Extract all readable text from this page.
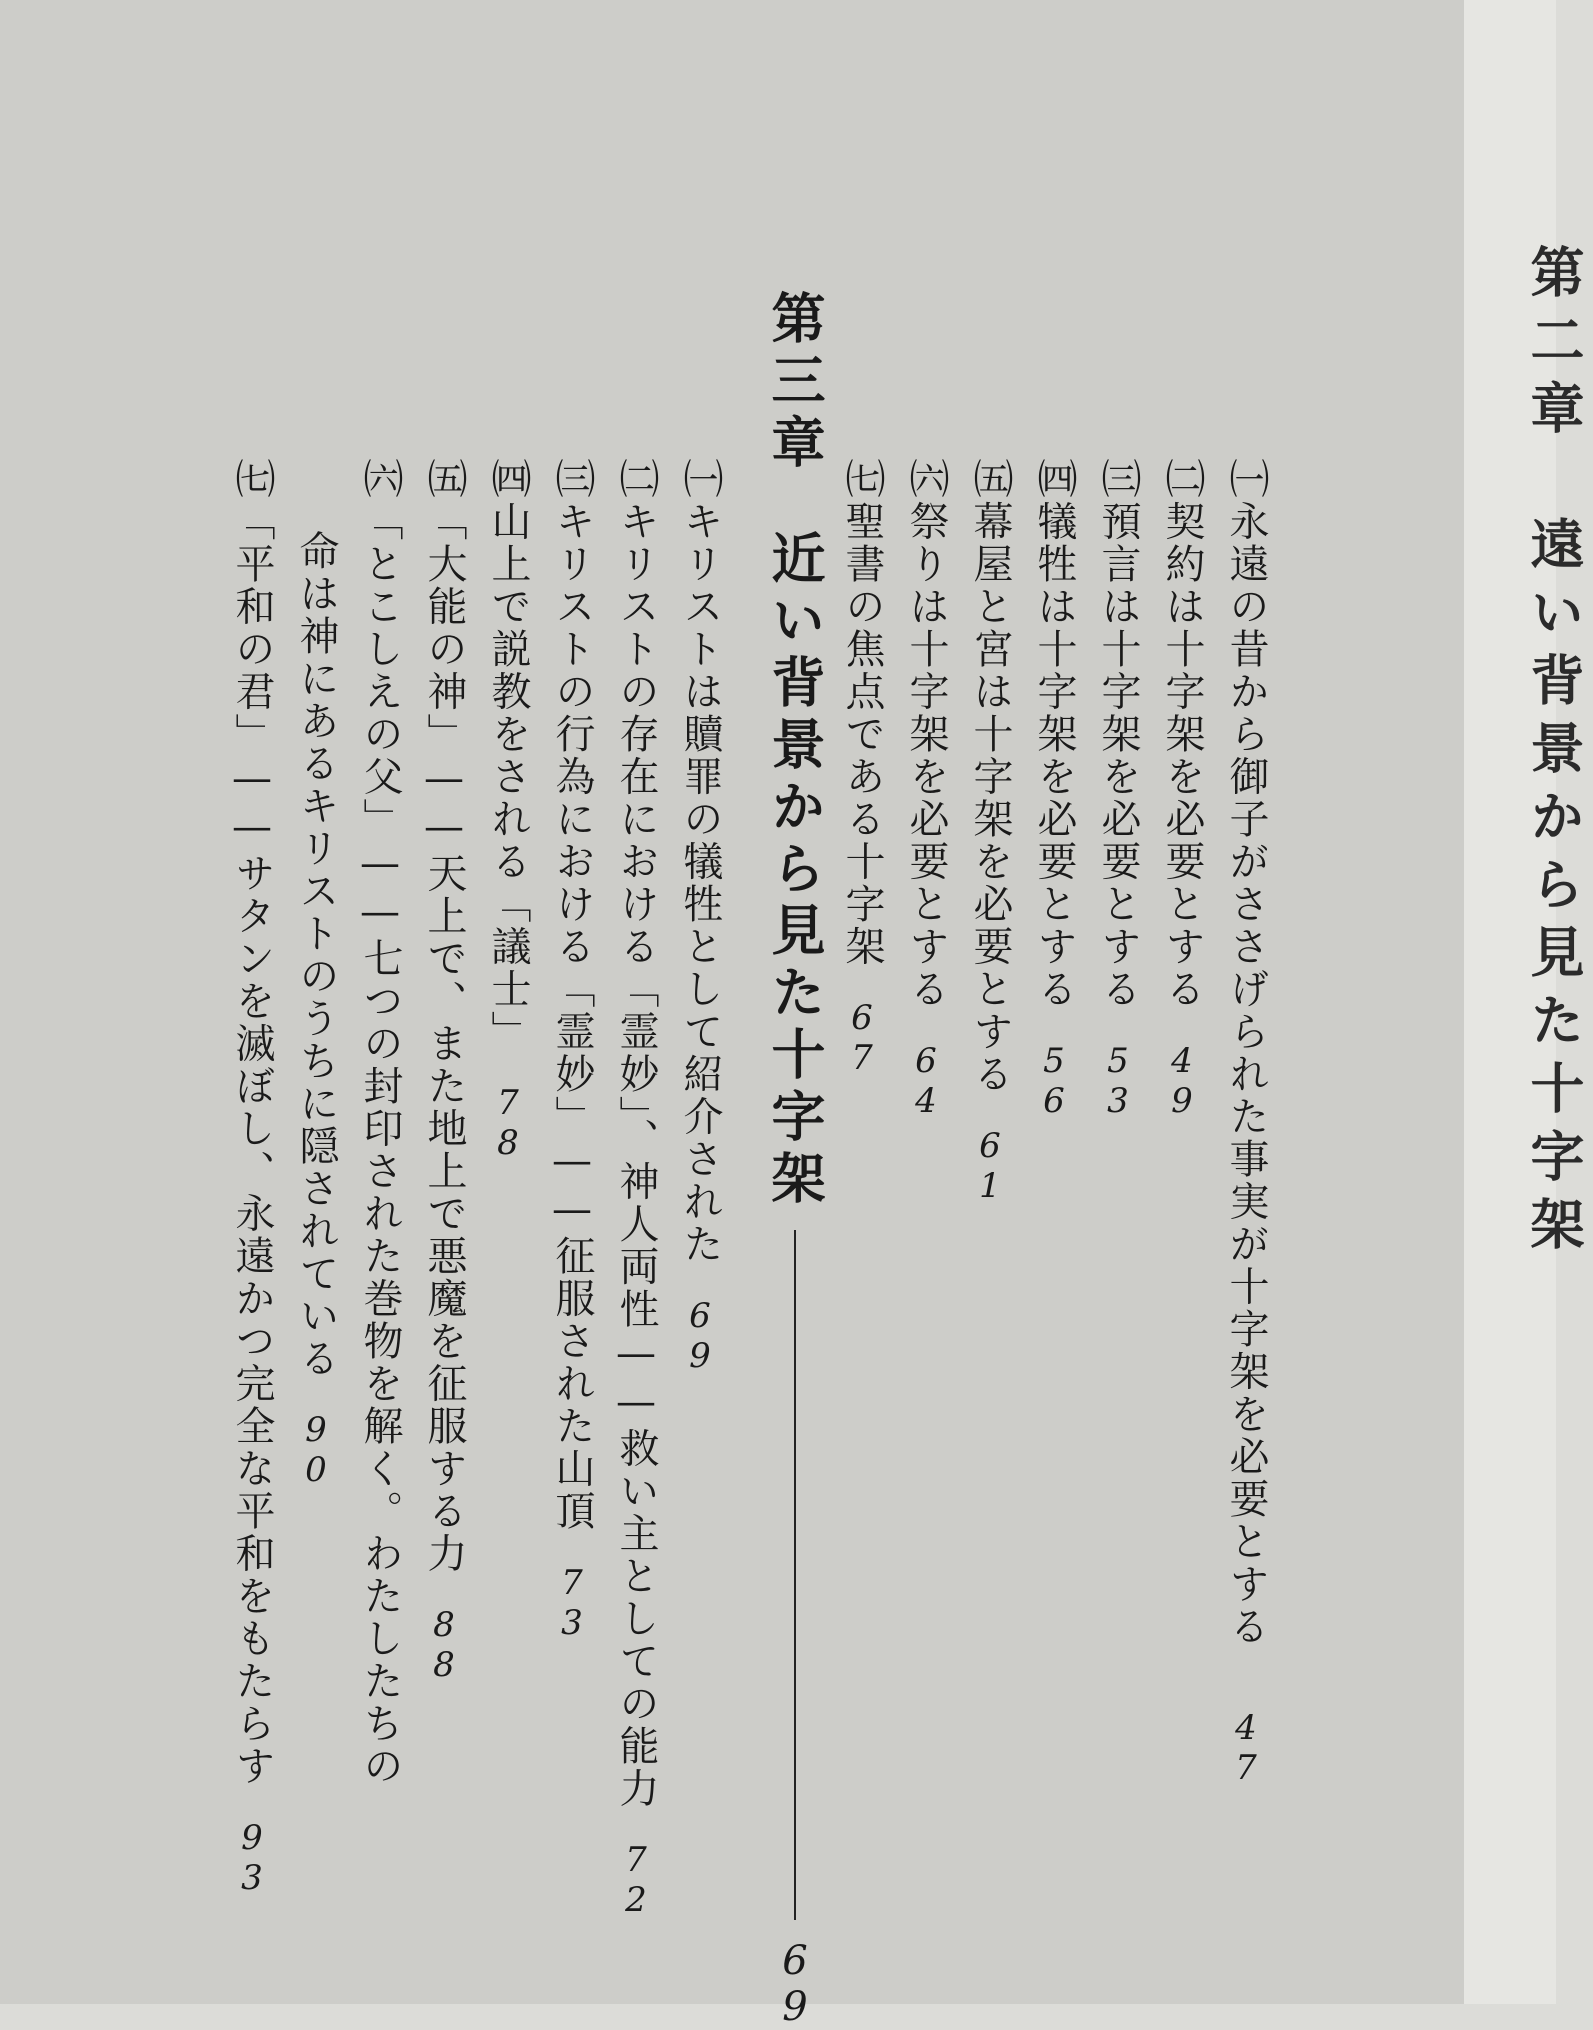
㈠永遠の昔から御子がささげられた事実が十字架を必要とする47
㈡契約は十字架を必要とする49
㈢預言は十字架を必要とする53
㈣犠牲は十字架を必要とする56
㈤幕屋と宮は十字架を必要とする61
㈥祭りは十字架を必要とする64
㈦聖書の焦点である十字架67
第三章近い背景から見た十字架69
㈠キリストは贖罪の犠牲として紹介された69
㈡キリストの存在における「霊妙」、神人両性——救い主としての能力72
㈢キリストの行為における「霊妙」——征服された山頂73
㈣山上で説教をされる「議士」78
㈤「大能の神」——天上で、また地上で悪魔を征服する力88
㈥「とこしえの父」——七つの封印された巻物を解く。わたしたちの
命は神にあるキリストのうちに隠されている90
㈦「平和の君」——サタンを滅ぼし、永遠かつ完全な平和をもたらす93
第二章　遠い背景から見た十字架
